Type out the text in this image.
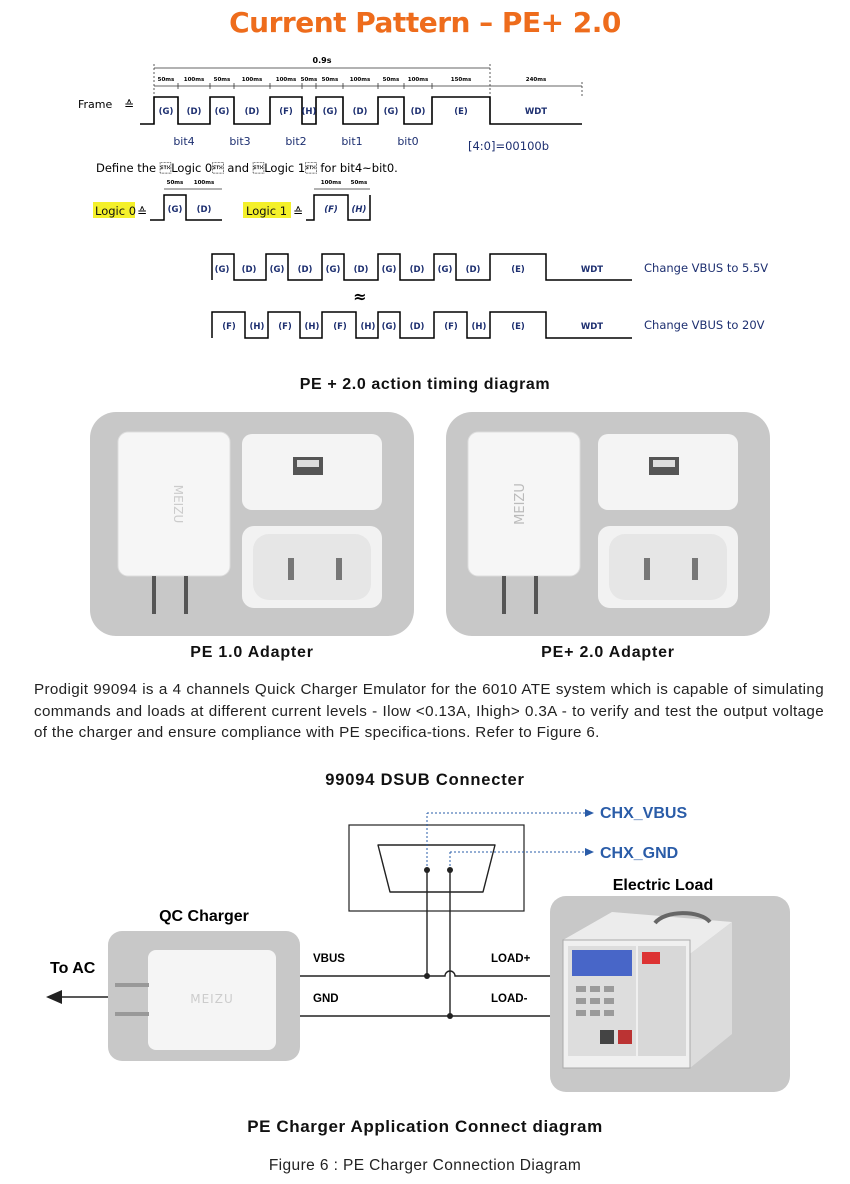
Current Pattern – PE+ 2.0
0.9s
50ms 100ms 50ms 100ms 100ms 50ms 50ms 100ms 50ms 100ms	150ms	240ms
Frame ≙	(G) (D) (G) (D) (F) (H) (G) (D) (G) (D)	(E)	WDT
bit4	bit3	bit2	bit1	bit0	[4:0]=00100b
Define the Logic 0 and Logic 1 for bit4~bit0.
Logic 0 ≙
50ms 100ms
(G) (D)	Logic 1 ≙
100ms 50ms
(F) (H)
(G) (D) (G) (D) (G) (D) (G) (D) (G) (D)	(E)	WDT	Change VBUS to 5.5V
≈
(F) (H) (F) (H) (F) (H) (G) (D) (F) (H)	(E)	WDT	Change VBUS to 20V
PE + 2.0 action timing diagram
MEIZU	MEIZU
PE 1.0 Adapter	PE+ 2.0 Adapter
Prodigit 99094 is a 4 channels Quick Charger Emulator for the 6010 ATE system which is capable of simulating commands and loads at different current levels - Ilow <0.13A, Ihigh> 0.3A - to verify and test the output voltage of the charger and ensure compliance with PE specifica-tions. Refer to Figure 6.
99094 DSUB Connecter
CHX_VBUS
CHX_GND
VBUS
GND
LOAD+
LOAD-
Electric Load
QC Charger
MEIZU
To AC
PE Charger Application Connect diagram
Figure 6 : PE Charger Connection Diagram
